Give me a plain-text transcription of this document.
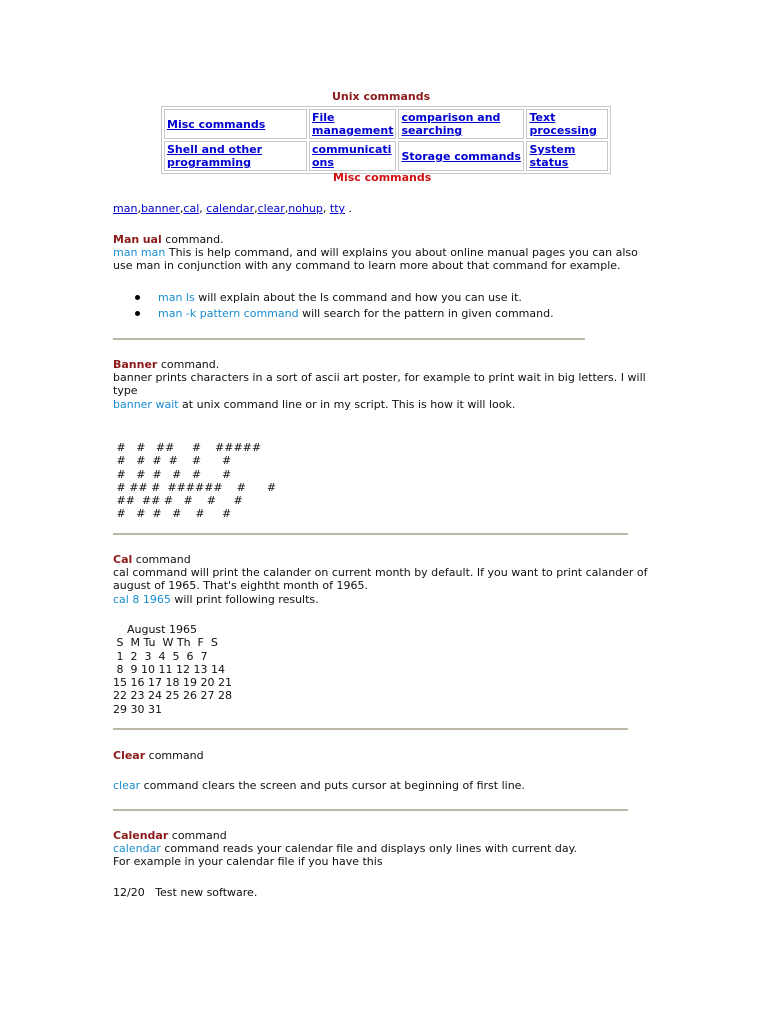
Unix commands
Misc commands	File management	comparison and searching	Text processing
Shell and other programming	communications	Storage commands	System status
Misc commands
man,banner,cal, calendar,clear,nohup, tty .
Man ual command.
man man This is help command, and will explains you about online manual pages you can also use man in conjunction with any command to learn more about that command for example.
man ls will explain about the ls command and how you can use it.
man -k pattern command will search for the pattern in given command.
Banner command.
banner prints characters in a sort of ascii art poster, for example to print wait in big letters. I will type
banner wait at unix command line or in my script. This is how it will look.
#   #   ##     #    #####
#   #  #  #    #      #
#   #  #   #   #      #
# ## #  ######    #      #
##  ## #   #    #     #
#   #  #   #    #     #
Cal command
cal command will print the calander on current month by default. If you want to print calander of august of 1965. That's eightht month of 1965.
cal 8 1965 will print following results.
August 1965
S  M Tu  W Th  F  S
1  2  3  4  5  6  7
8  9 10 11 12 13 14
15 16 17 18 19 20 21
22 23 24 25 26 27 28
29 30 31
Clear command
clear command clears the screen and puts cursor at beginning of first line.
Calendar command
calendar command reads your calendar file and displays only lines with current day.
For example in your calendar file if you have this
12/20   Test new software.
